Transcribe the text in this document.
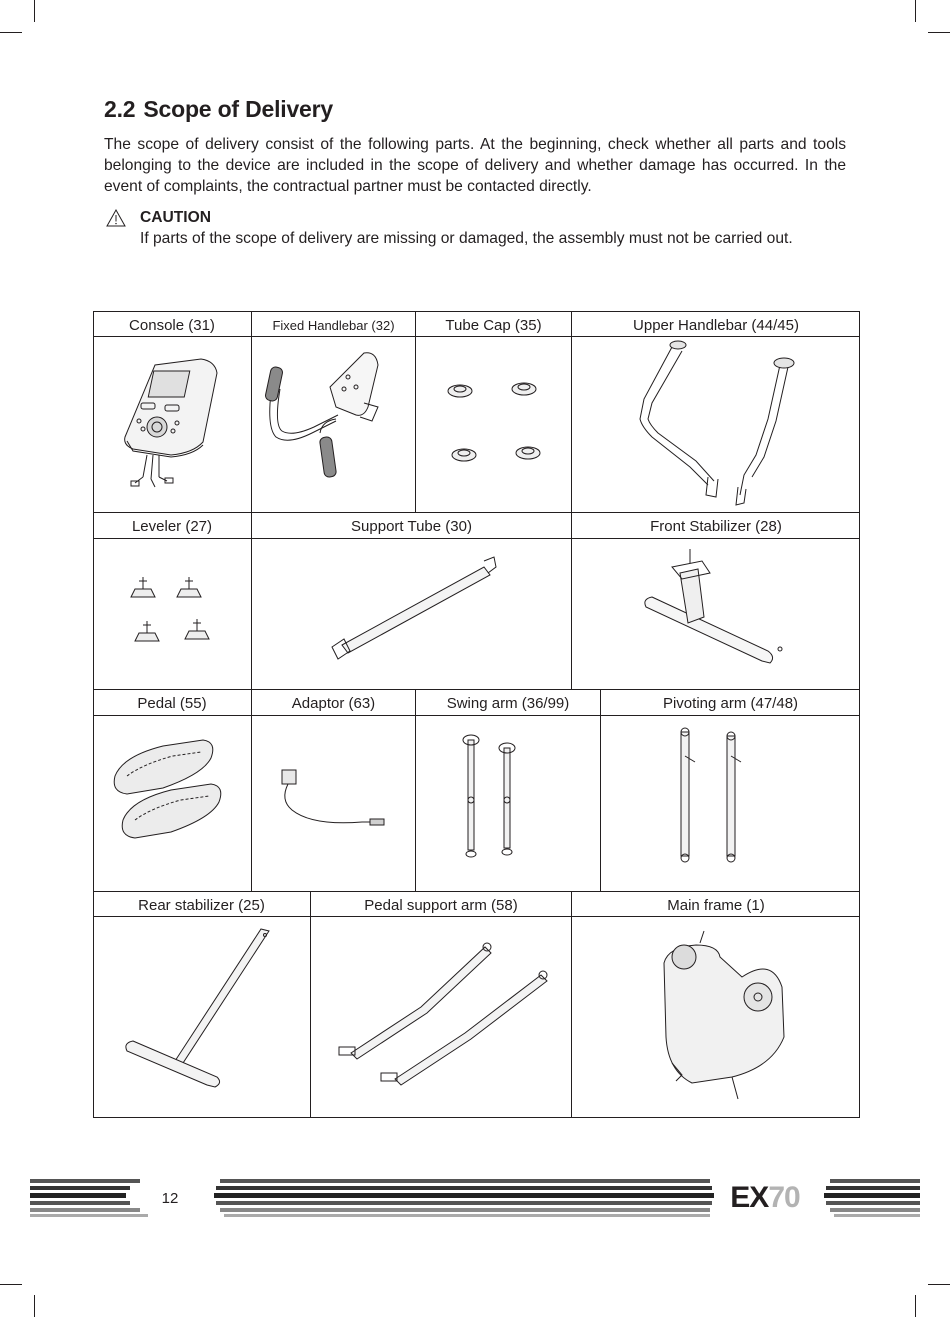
2.2 Scope of Delivery
The scope of delivery consist of the following parts. At the beginning, check whether all parts and tools belonging to the device are included in the scope of delivery and whether damage has occurred. In the event of complaints, the contractual partner must be contacted directly.
CAUTION
If parts of the scope of delivery are missing or damaged, the assembly must not be carried out.
Console (31)	Fixed Handlebar (32)	Tube Cap (35)	Upper Handlebar (44/45)
Leveler (27)	Support Tube (30)	Front Stabilizer (28)
Pedal (55)	Adaptor (63)	Swing arm (36/99)	Pivoting arm (47/48)
Rear stabilizer (25)	Pedal support arm (58)	Main frame (1)
12	EX 70
